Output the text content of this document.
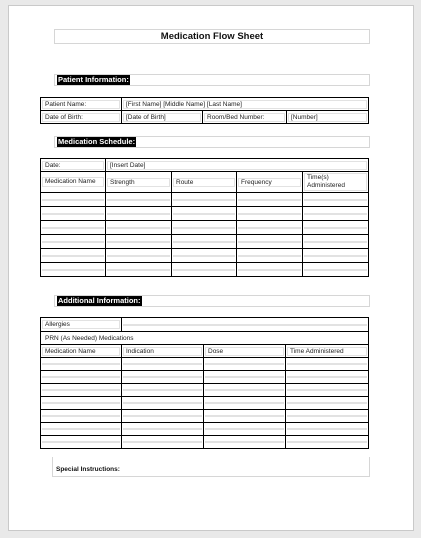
Medication Flow Sheet
Patient Information:
Patient Name:	[First Name] [Middle Name] [Last Name]		

Date of Birth:	[Date of Birth]	Room/Bed Number:	[Number]
Medication Schedule:
Date:	[Insert Date]			

Medication Name	Strength	Route	Frequency	Time(s) Administered

Additional Information:
Allergies			

PRN (As Needed) Medications			

Medication Name	Indication	Dose	Time Administered

Special Instructions:
